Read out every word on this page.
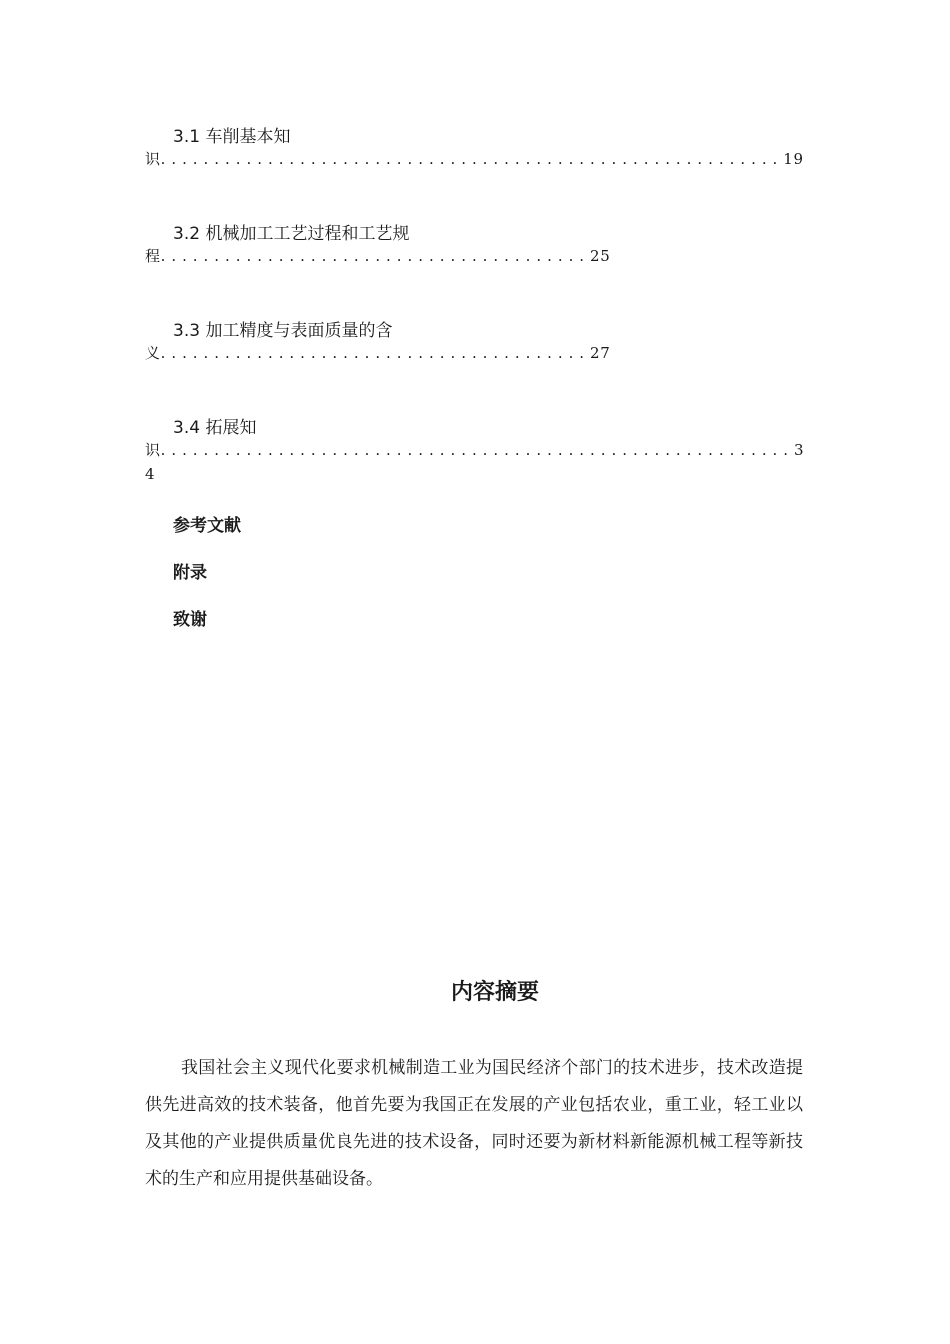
3.1 车削基本知
识. . . . . . . . . . . . . . . . . . . . . . . . . . . . . . . . . . . . . . . . . . . . . . . . . . . . . . . . . . 19
3.2 机械加工工艺过程和工艺规
程. . . . . . . . . . . . . . . . . . . . . . . . . . . . . . . . . . . . . . . . 25
3.3 加工精度与表面质量的含
义. . . . . . . . . . . . . . . . . . . . . . . . . . . . . . . . . . . . . . . . 27
3.4 拓展知
识. . . . . . . . . . . . . . . . . . . . . . . . . . . . . . . . . . . . . . . . . . . . . . . . . . . . . . . . . . . 34
参考文献
附录
致谢
内容摘要
我国社会主义现代化要求机械制造工业为国民经济个部门的技术进步，技术改造提供先进高效的技术装备，他首先要为我国正在发展的产业包括农业，重工业，轻工业以及其他的产业提供质量优良先进的技术设备，同时还要为新材料新能源机械工程等新技术的生产和应用提供基础设备。
